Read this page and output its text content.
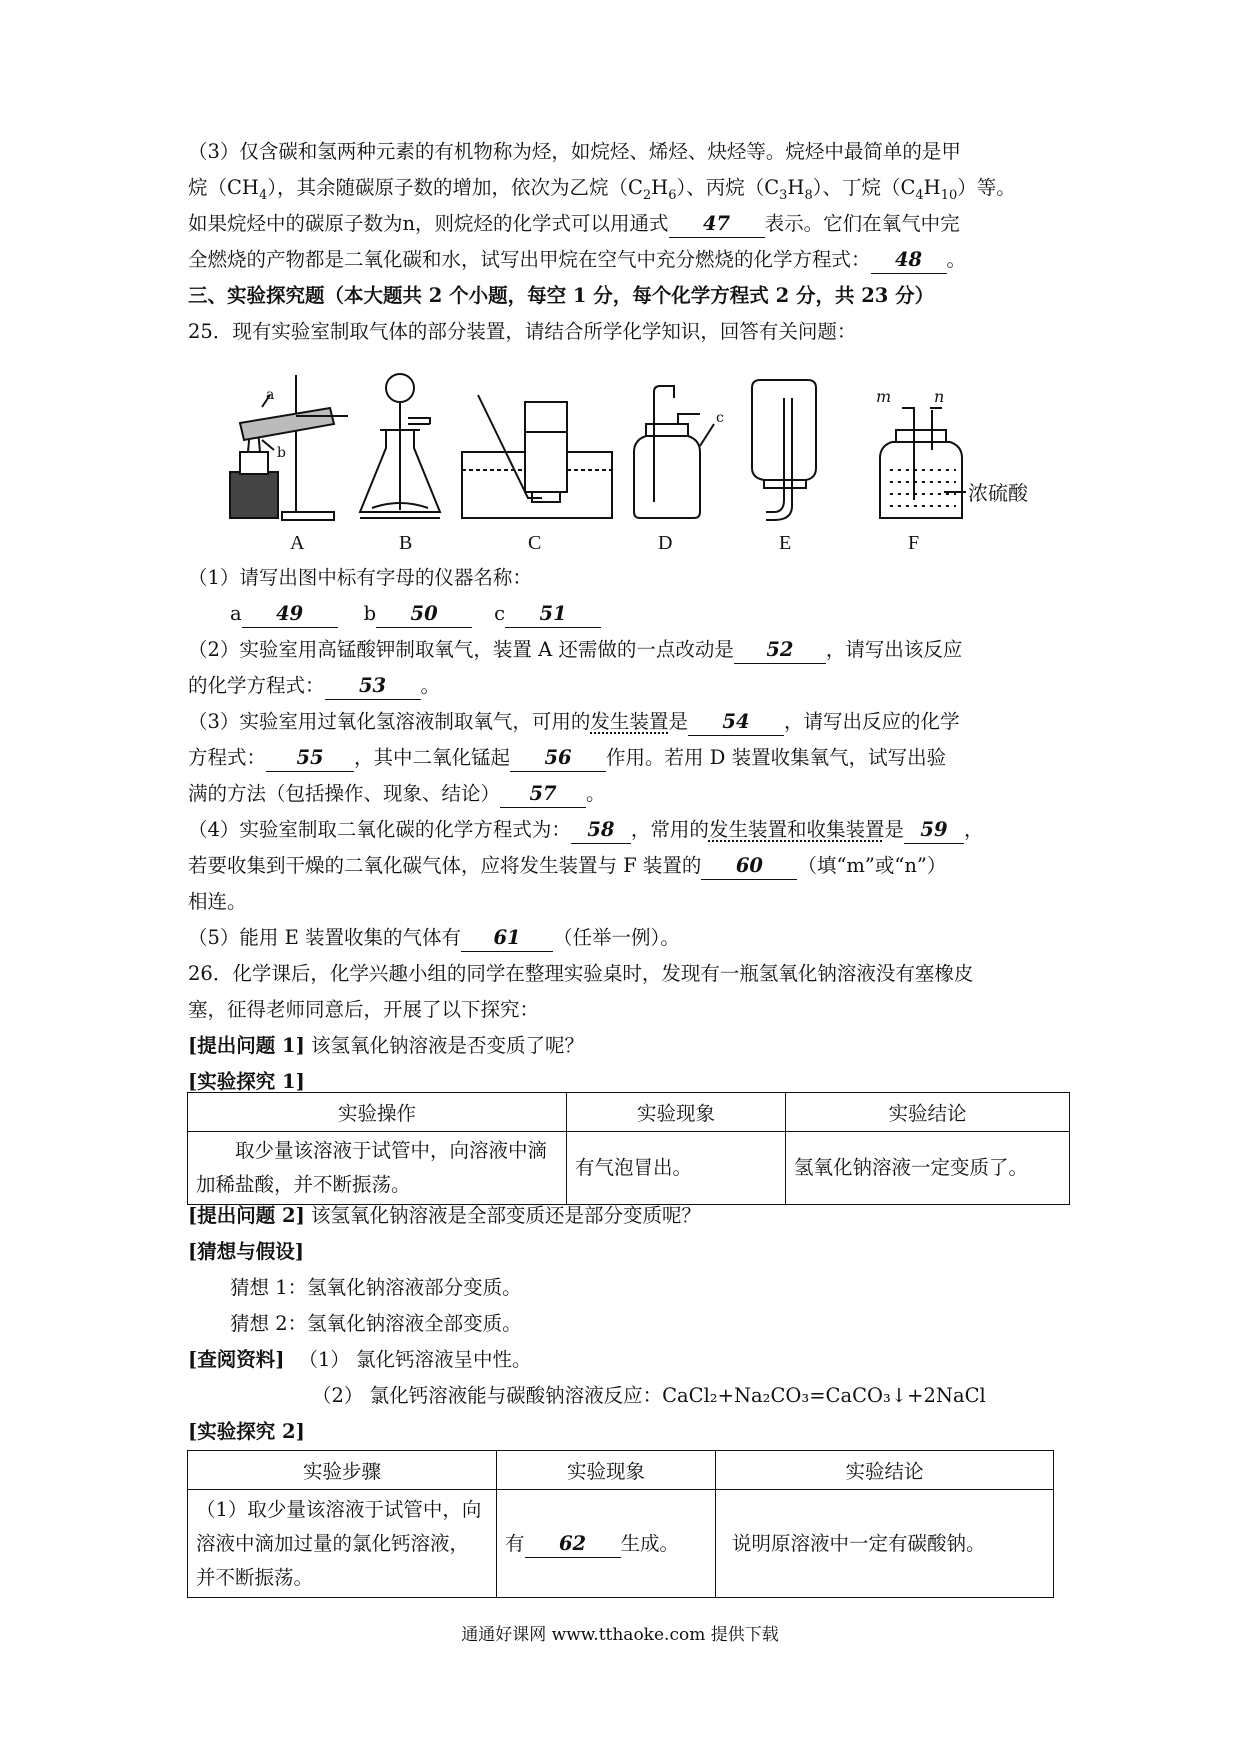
（3）仅含碳和氢两种元素的有机物称为烃，如烷烃、烯烃、炔烃等。烷烃中最简单的是甲
烷$(CH_4)$，其余随碳原子数的增加，依次为乙烷$(C_2H_6)$、丙烷$(C_3H_8)$、丁烷$(C_4H_{10})$等。
如果烷烃中的碳原子数为n，则烷烃的化学式可以用通式 47 表示。它们在氧气中完
全燃烧的产物都是二氧化碳和水，试写出甲烷在空气中充分燃烧的化学方程式： 48 。
三、实验探究题（本大题共 2 个小题，每空 1 分，每个化学方程式 2 分，共 23 分）
25．现有实验室制取气体的部分装置，请结合所学化学知识，回答有关问题：
a
b
c
m	n
浓硫酸
A	B	C	D	E	F
（1）请写出图中标有字母的仪器名称：
a 49	b 50	c 51
（2）实验室用高锰酸钾制取氧气，装置 A 还需做的一点改动是 52 ，请写出该反应
的化学方程式： 53 。
（3）实验室用过氧化氢溶液制取氧气，可用的发生装置是 54 ，请写出反应的化学
方程式： 55 ，其中二氧化锰起 56 作用。若用 D 装置收集氧气，试写出验
满的方法（包括操作、现象、结论） 57 。
（4）实验室制取二氧化碳的化学方程式为： 58 ，常用的发生装置和收集装置是 59 ，
若要收集到干燥的二氧化碳气体，应将发生装置与 F 装置的 60 （填“m”或“n”）
相连。
（5）能用 E 装置收集的气体有 61 （任举一例）。
26．化学课后，化学兴趣小组的同学在整理实验桌时，发现有一瓶氢氧化钠溶液没有塞橡皮
塞，征得老师同意后，开展了以下探究：
[提出问题 1] 该氢氧化钠溶液是否变质了呢？
[实验探究 1]
实验操作	实验现象	实验结论
取少量该溶液于试管中，向溶液中滴加稀盐酸，并不断振荡。	有气泡冒出。	氢氧化钠溶液一定变质了。
[提出问题 2] 该氢氧化钠溶液是全部变质还是部分变质呢？
[猜想与假设]
猜想 1：氢氧化钠溶液部分变质。
猜想 2：氢氧化钠溶液全部变质。
[查阅资料] （1） 氯化钙溶液呈中性。
（2） 氯化钙溶液能与碳酸钠溶液反应：CaCl₂+Na₂CO₃=CaCO₃↓+2NaCl
[实验探究 2]
实验步骤	实验现象	实验结论
（1）取少量该溶液于试管中，向溶液中滴加过量的氯化钙溶液，并不断振荡。	有 62 生成。	说明原溶液中一定有碳酸钠。
通通好课网 www.tthaoke.com 提供下载
